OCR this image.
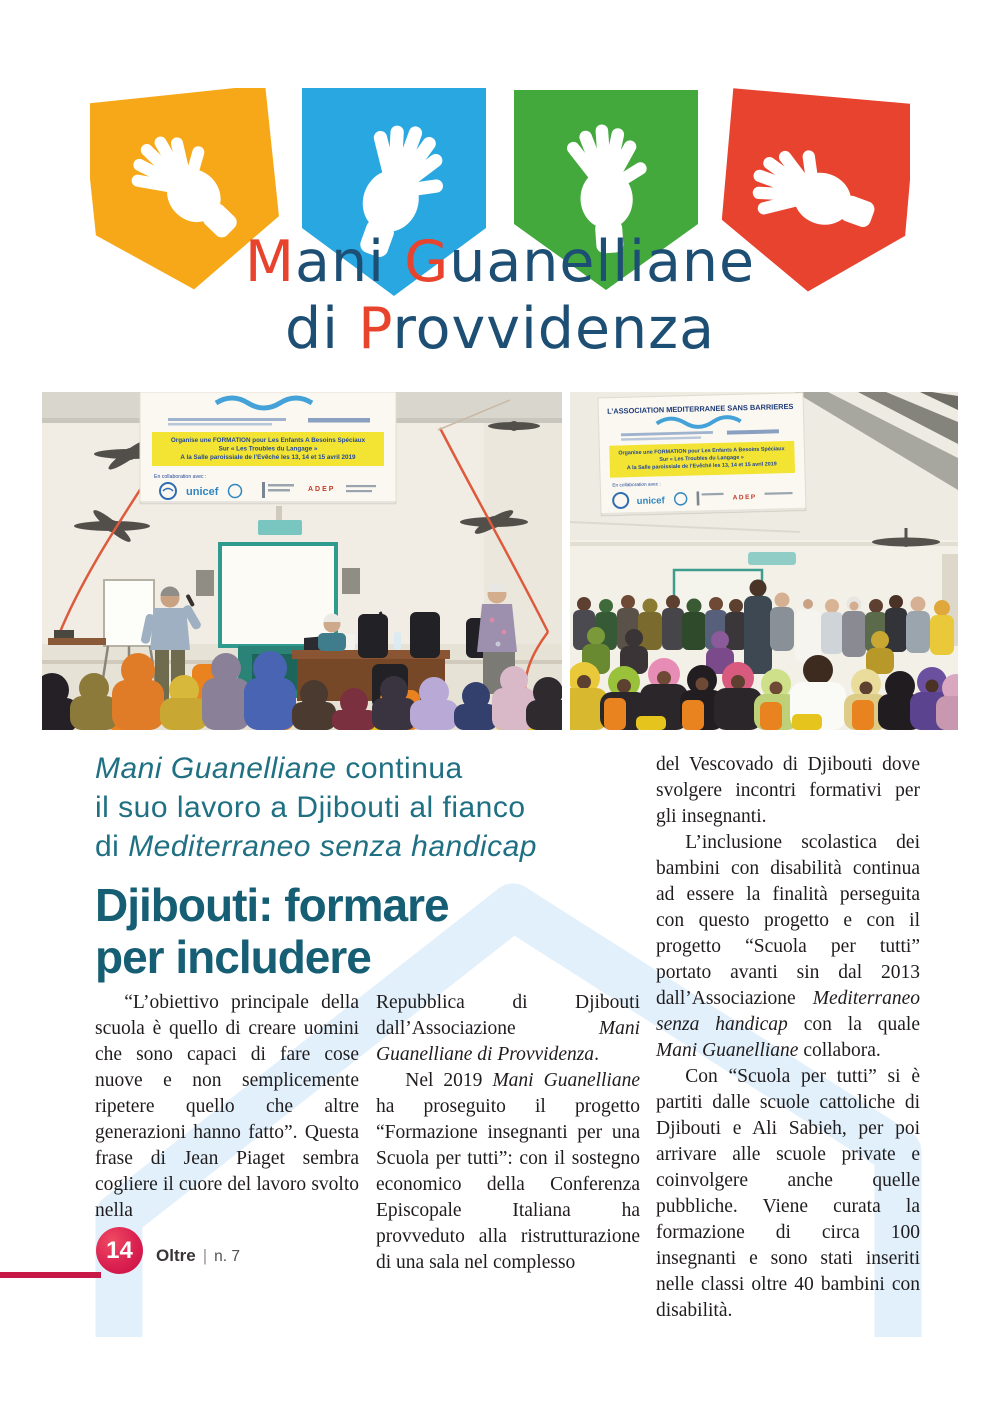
Mani Guanelliane
di Provvidenza
Organise une FORMATION pour Les Enfants A Besoins Spéciaux
Sur « Les Troubles du Langage »
A la Salle paroissiale de l’Evêché les 13, 14 et 15 avril 2019
En collaboration avec :
unicef	ADEP
L’ASSOCIATION MEDITERRANEE SANS BARRIERES
Organise une FORMATION pour Les Enfants A Besoins Spéciaux
Sur « Les Troubles du Langage »
A la Salle paroissiale de l’Evêché les 13, 14 et 15 avril 2019
En collaboration avec :
unicef	ADEP
Mani Guanelliane continua
il suo lavoro a Djibouti al fianco
di Mediterraneo senza handicap
Djibouti: formare
per includere

“L’obiettivo principale della scuola è quello di creare uomini che sono capaci di fare cose nuove e non semplicemente ripetere quello che altre generazioni hanno fatto”. Questa frase di Jean Piaget sembra cogliere il cuore del lavoro svolto nella

Repubblica di Djibouti dall’Associazione Mani Guanelliane di Provvidenza.

Nel 2019 Mani Guanelliane ha proseguito il progetto “Formazione insegnanti per una Scuola per tutti”: con il sostegno economico della Conferenza Episcopale Italiana ha provveduto alla ristrutturazione di una sala nel complesso

del Vescovado di Djibouti dove svolgere incontri formativi per gli insegnanti.

L’inclusione scolastica dei bambini con disabilità continua ad essere la finalità perseguita con questo progetto e con il progetto “Scuola per tutti” portato avanti sin dal 2013 dall’Associazione Mediterraneo senza handicap con la quale Mani Guanelliane collabora.

Con “Scuola per tutti” si è partiti dalle scuole cattoliche di Djibouti e Ali Sabieh, per poi arrivare alle scuole private e coinvolgere anche quelle pubbliche. Viene curata la formazione di circa 100 insegnanti e sono stati inseriti nelle classi oltre 40 bambini con disabilità.

14 Oltre | n. 7
